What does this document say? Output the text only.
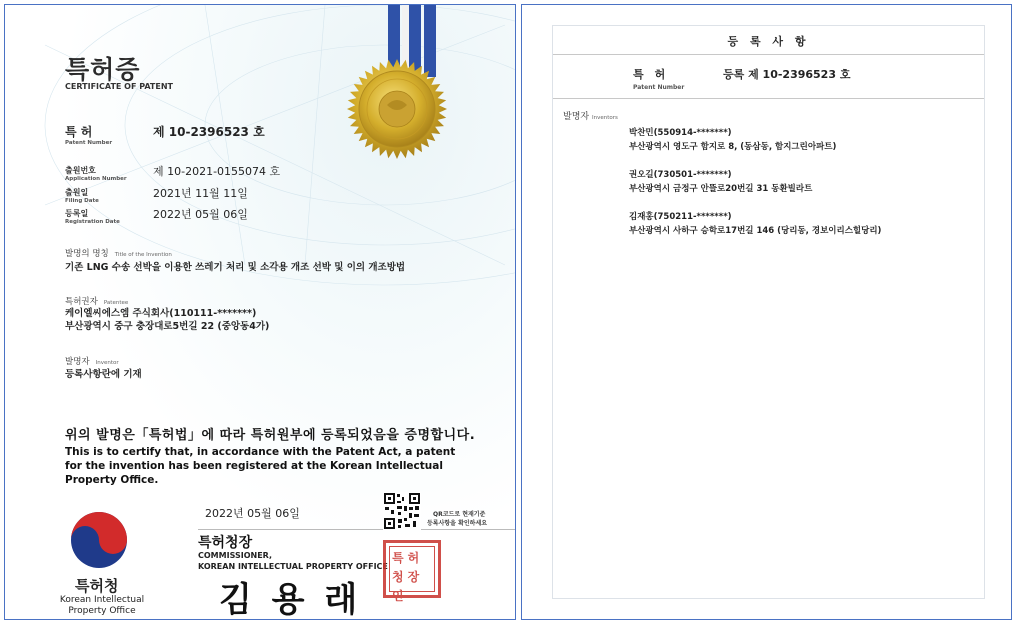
특허증
CERTIFICATE OF PATENT
특 허
Patent Number
제 10-2396523 호
출원번호
Application Number
제 10-2021-0155074 호
출원일
Filing Date
2021년 11월 11일
등록일
Registration Date
2022년 05월 06일
발명의 명칭 Title of the Invention
기존 LNG 수송 선박을 이용한 쓰레기 처리 및 소각용 개조 선박 및 이의 개조방법
특허권자 Patentee
케이엘씨에스엠 주식회사(110111-*******)
부산광역시 중구 충장대로5번길 22 (중앙동4가)
발명자 Inventor
등록사항란에 기재
위의 발명은「특허법」에 따라 특허원부에 등록되었음을 증명합니다.
This is to certify that, in accordance with the Patent Act, a patent for the invention has been registered at the Korean Intellectual Property Office.
2022년 05월 06일	QR코드로 현재기준
등록사항을 확인하세요
특허청장
COMMISSIONER,
KOREAN INTELLECTUAL PROPERTY OFFICE
김 용 래
특허청장인
특허청
Korean Intellectual
Property Office
등 록 사 항
특　허
Patent Number
등록 제 10-2396523 호
발명자 Inventors
박찬민(550914-*******)
부산광역시 영도구 함지로 8, (동삼동, 함지그린아파트)
권오길(730501-*******)
부산광역시 금정구 안뜰로20번길 31 동환빌라트
김재홍(750211-*******)
부산광역시 사하구 승학로17번길 146 (당리동, 경보이리스힐당리)
